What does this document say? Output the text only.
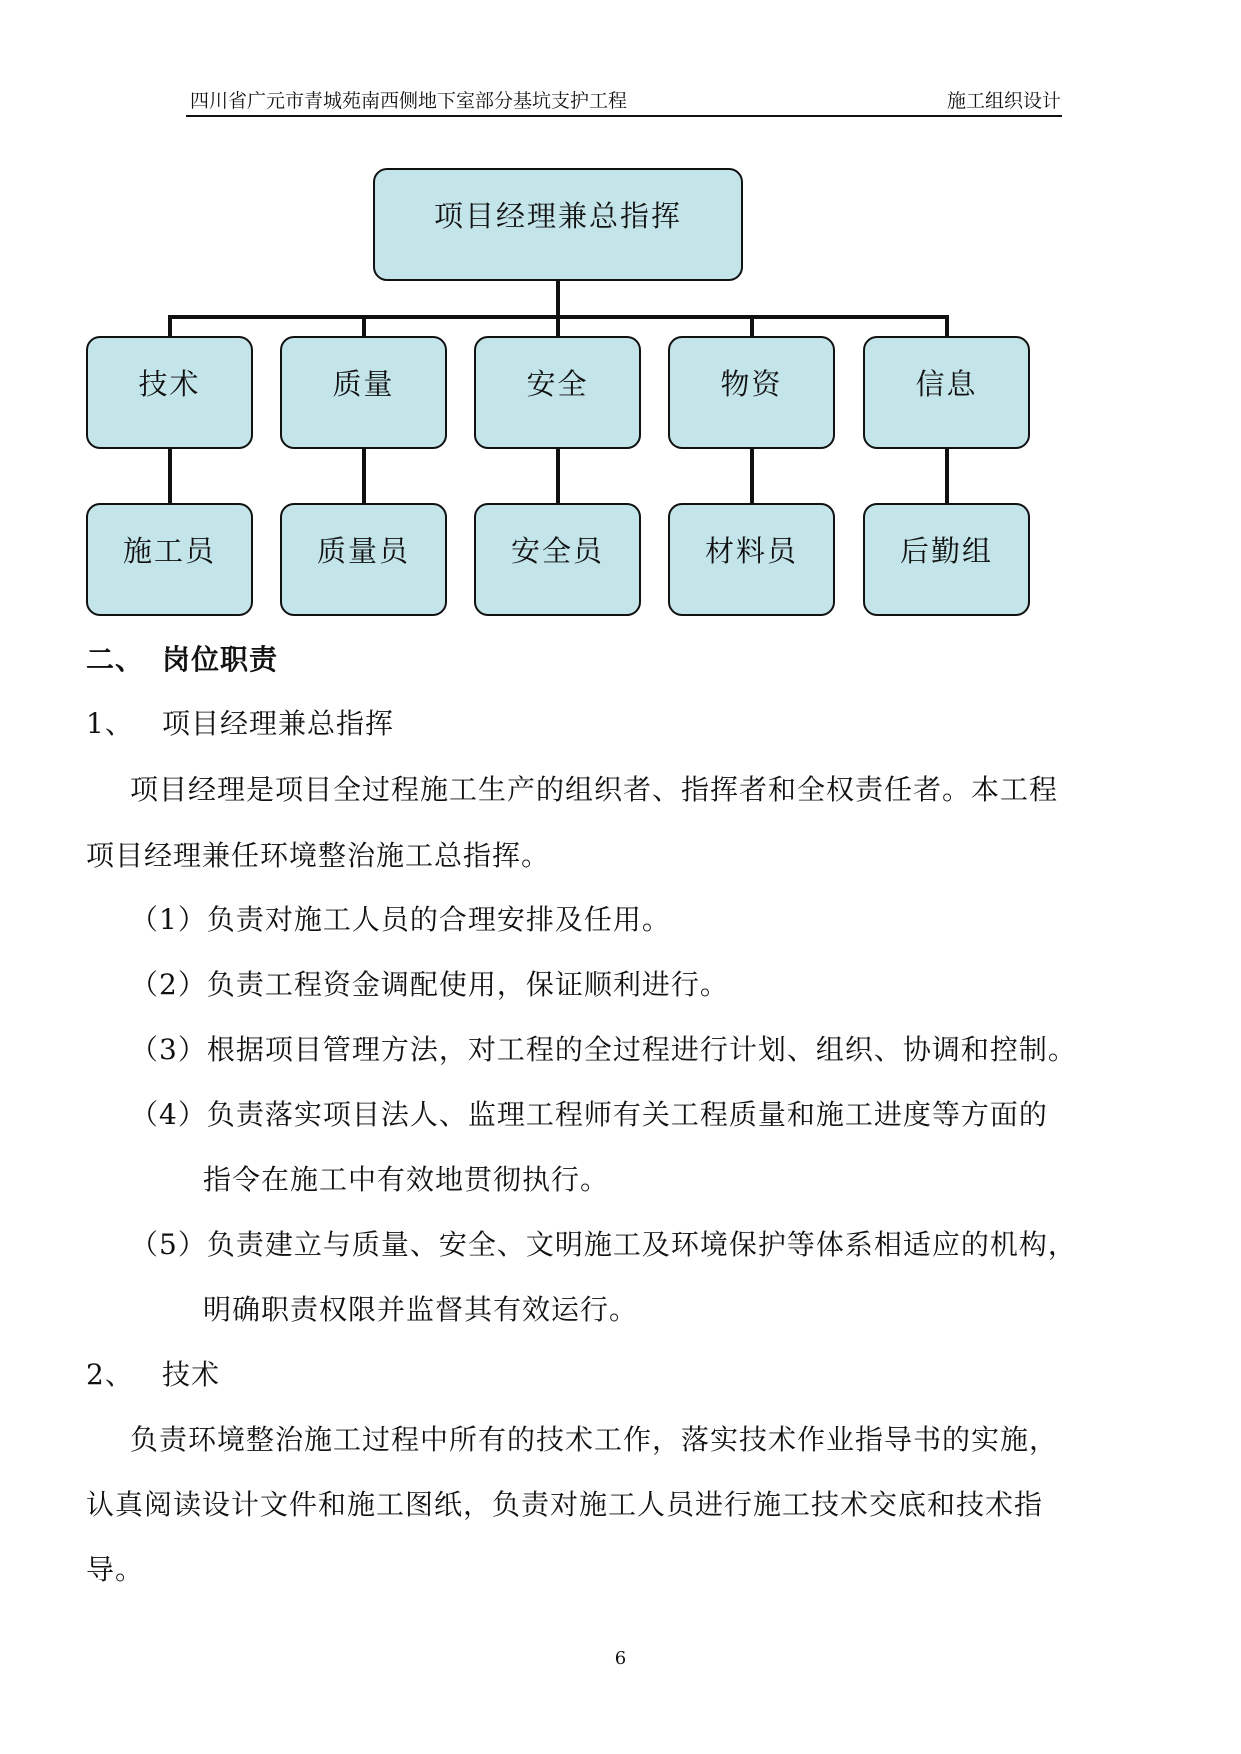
四川省广元市青城苑南西侧地下室部分基坑支护工程	施工组织设计
项目经理兼总指挥
技术	质量	安全	物资	信息
施工员	质量员	安全员	材料员	后勤组
二、 岗位职责
1、 项目经理兼总指挥
项目经理是项目全过程施工生产的组织者、指挥者和全权责任者。本工程
项目经理兼任环境整治施工总指挥。
（1）负责对施工人员的合理安排及任用。
（2）负责工程资金调配使用，保证顺利进行。
（3）根据项目管理方法，对工程的全过程进行计划、组织、协调和控制。
（4）负责落实项目法人、监理工程师有关工程质量和施工进度等方面的
指令在施工中有效地贯彻执行。
（5）负责建立与质量、安全、文明施工及环境保护等体系相适应的机构，
明确职责权限并监督其有效运行。
2、 技术
负责环境整治施工过程中所有的技术工作，落实技术作业指导书的实施，
认真阅读设计文件和施工图纸，负责对施工人员进行施工技术交底和技术指
导。
6
